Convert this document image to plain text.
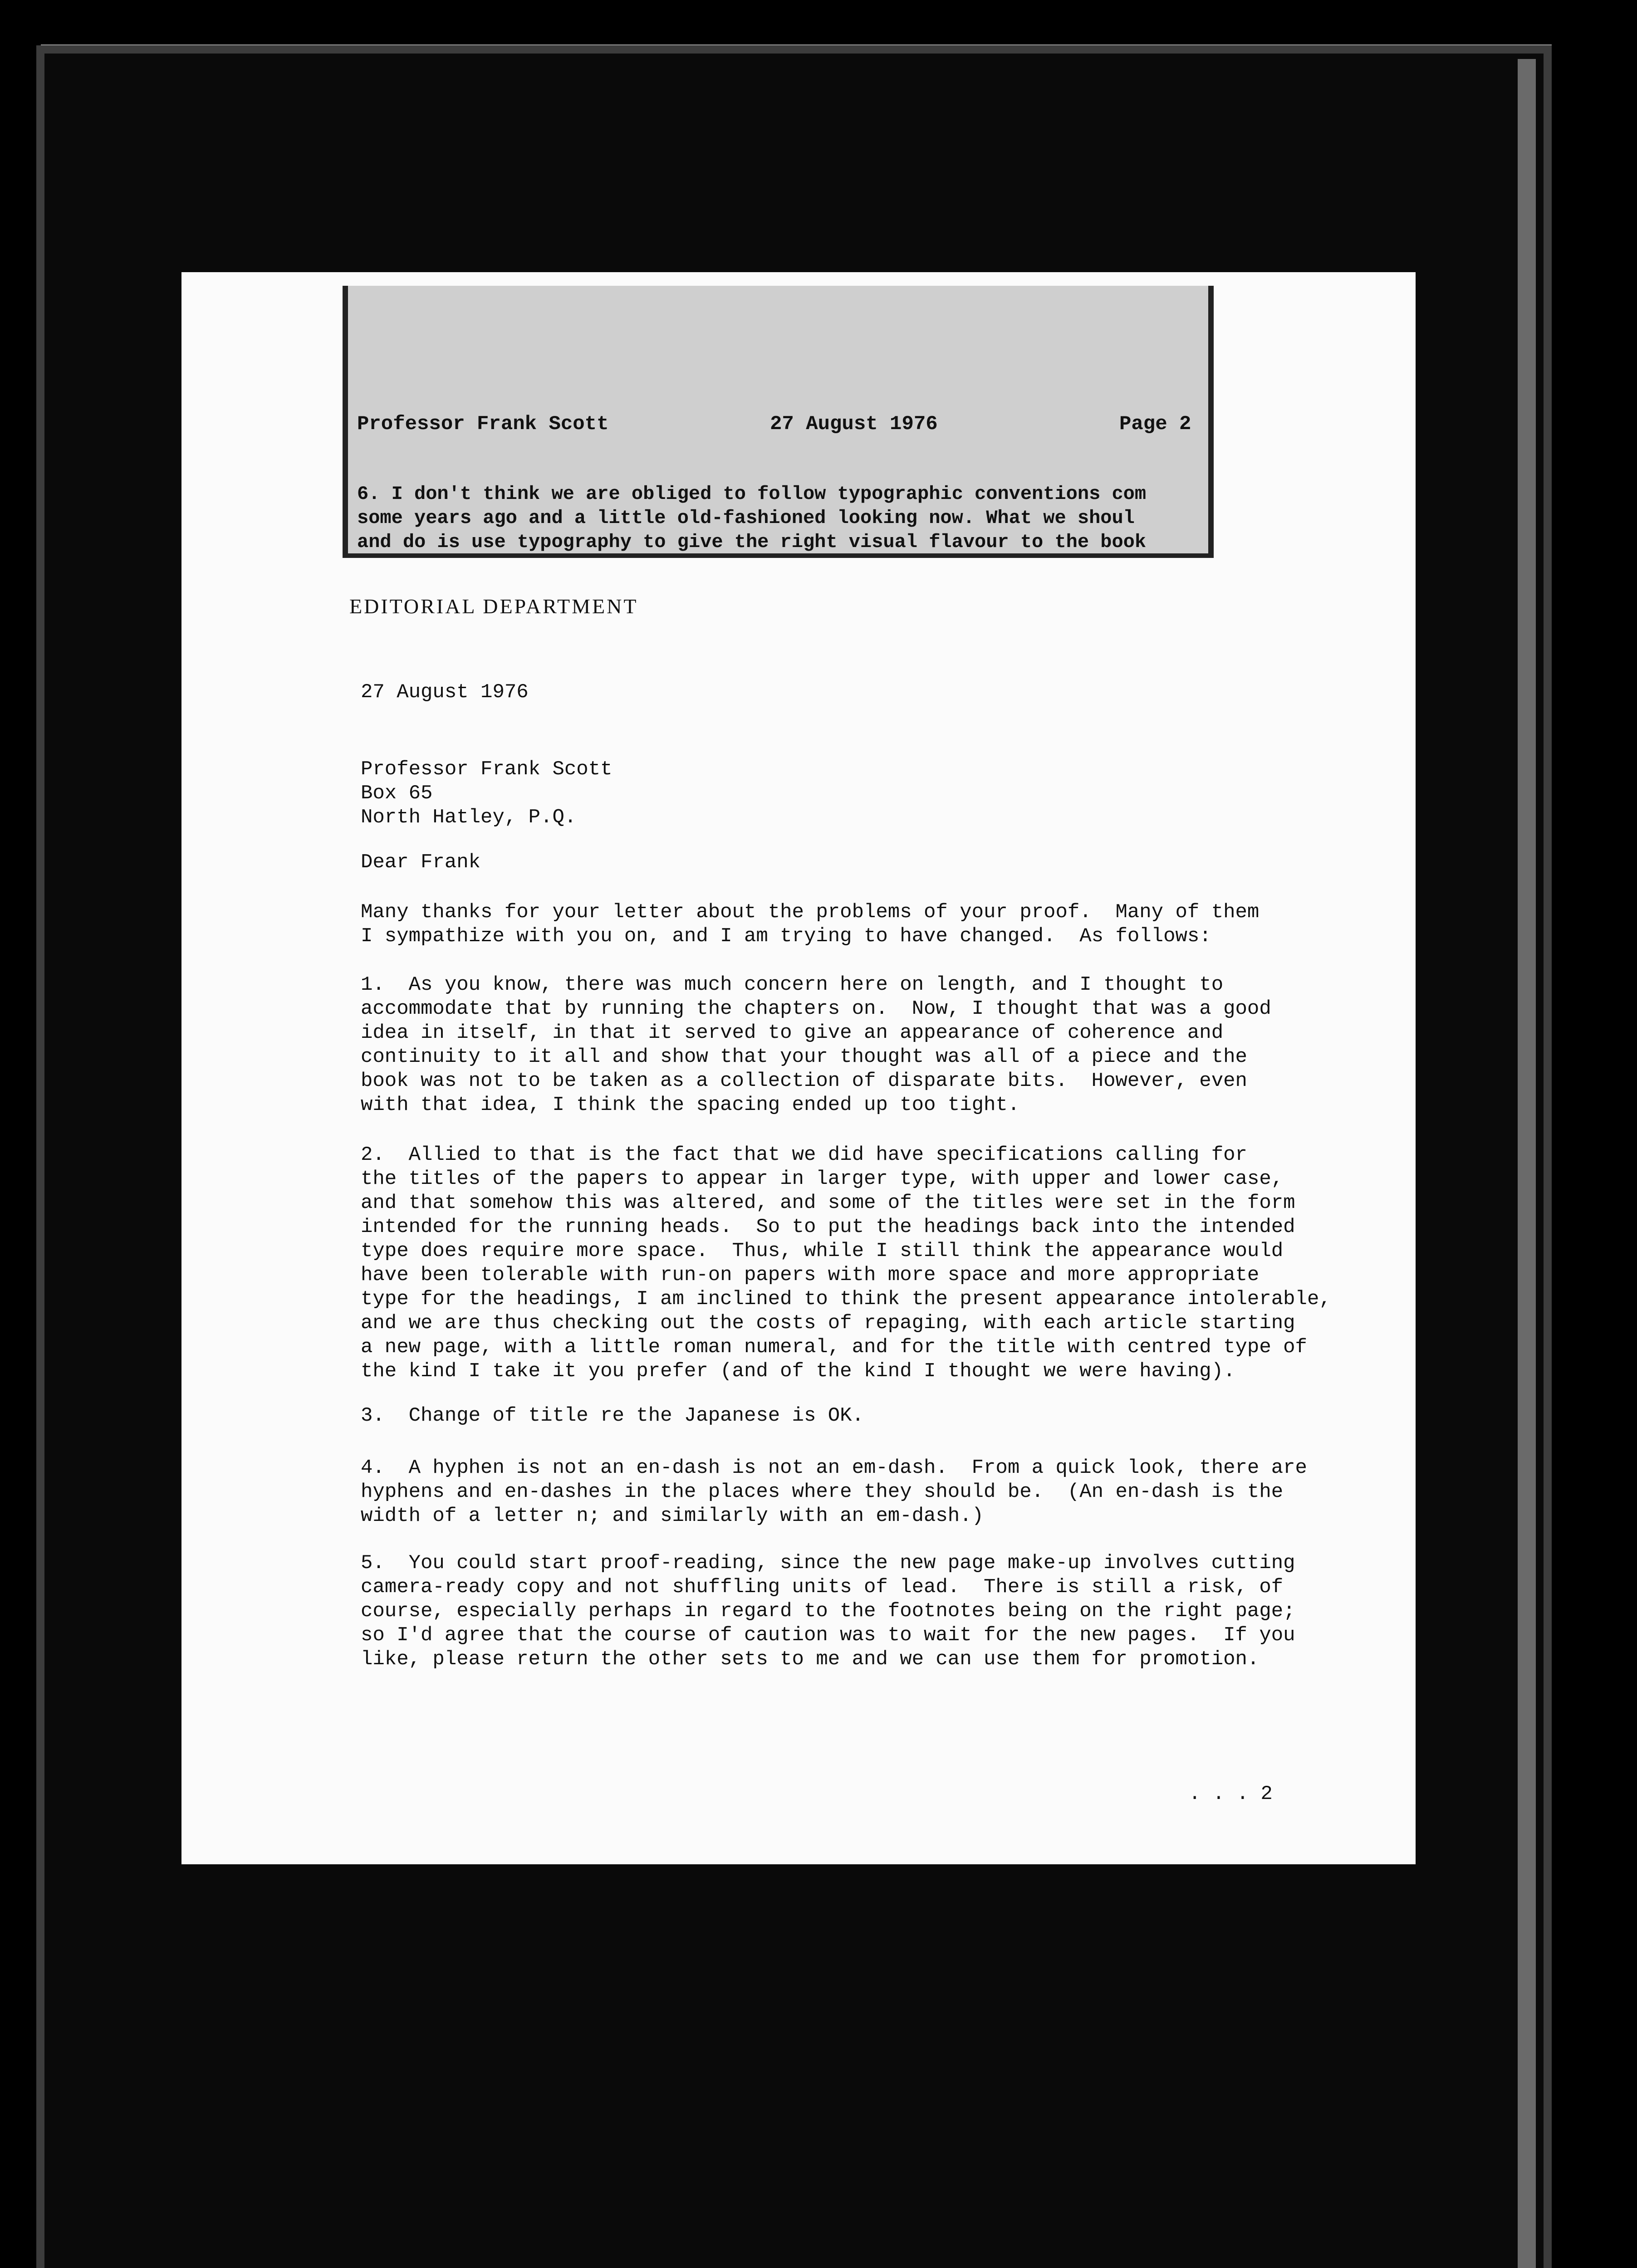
Professor Frank Scott	27 August 1976	Page 2
6. I don't think we are obliged to follow typographic conventions com
some years ago and a little old-fashioned looking now. What we shoul
and do is use typography to give the right visual flavour to the book
EDITORIAL DEPARTMENT
27 August 1976
Professor Frank Scott
Box 65
North Hatley, P.Q.
Dear Frank
Many thanks for your letter about the problems of your proof.  Many of them
I sympathize with you on, and I am trying to have changed.  As follows:
1.  As you know, there was much concern here on length, and I thought to
accommodate that by running the chapters on.  Now, I thought that was a good
idea in itself, in that it served to give an appearance of coherence and
continuity to it all and show that your thought was all of a piece and the
book was not to be taken as a collection of disparate bits.  However, even
with that idea, I think the spacing ended up too tight.
2.  Allied to that is the fact that we did have specifications calling for
the titles of the papers to appear in larger type, with upper and lower case,
and that somehow this was altered, and some of the titles were set in the form
intended for the running heads.  So to put the headings back into the intended
type does require more space.  Thus, while I still think the appearance would
have been tolerable with run-on papers with more space and more appropriate
type for the headings, I am inclined to think the present appearance intolerable,
and we are thus checking out the costs of repaging, with each article starting
a new page, with a little roman numeral, and for the title with centred type of
the kind I take it you prefer (and of the kind I thought we were having).
3.  Change of title re the Japanese is OK.
4.  A hyphen is not an en-dash is not an em-dash.  From a quick look, there are
hyphens and en-dashes in the places where they should be.  (An en-dash is the
width of a letter n; and similarly with an em-dash.)
5.  You could start proof-reading, since the new page make-up involves cutting
camera-ready copy and not shuffling units of lead.  There is still a risk, of
course, especially perhaps in regard to the footnotes being on the right page;
so I'd agree that the course of caution was to wait for the new pages.  If you
like, please return the other sets to me and we can use them for promotion.
. . . 2
